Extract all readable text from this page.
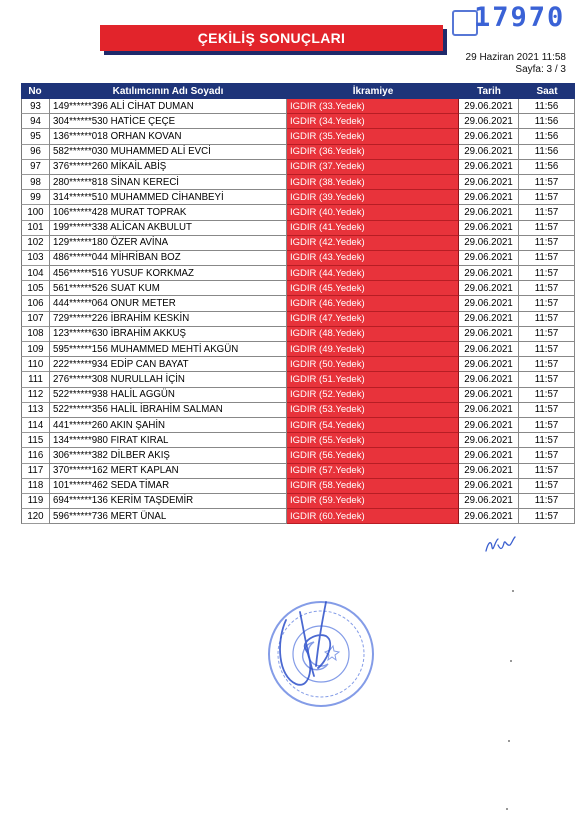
17970
ÇEKİLİŞ SONUÇLARI
29 Haziran 2021 11:58
Sayfa: 3 / 3
No	Katılımcının Adı Soyadı	İkramiye	Tarih	Saat
93	149******396 ALİ CİHAT DUMAN	IGDIR (33.Yedek)	29.06.2021	11:56
94	304******530 HATİCE ÇEÇE	IGDIR (34.Yedek)	29.06.2021	11:56
95	136******018 ORHAN KOVAN	IGDIR (35.Yedek)	29.06.2021	11:56
96	582******030 MUHAMMED ALİ EVCİ	IGDIR (36.Yedek)	29.06.2021	11:56
97	376******260 MİKAİL ABİŞ	IGDIR (37.Yedek)	29.06.2021	11:56
98	280******818 SİNAN KERECİ	IGDIR (38.Yedek)	29.06.2021	11:57
99	314******510 MUHAMMED CİHANBEYİ	IGDIR (39.Yedek)	29.06.2021	11:57
100	106******428 MURAT TOPRAK	IGDIR (40.Yedek)	29.06.2021	11:57
101	199******338 ALİCAN AKBULUT	IGDIR (41.Yedek)	29.06.2021	11:57
102	129******180 ÖZER AVİNA	IGDIR (42.Yedek)	29.06.2021	11:57
103	486******044 MİHRİBAN BOZ	IGDIR (43.Yedek)	29.06.2021	11:57
104	456******516 YUSUF KORKMAZ	IGDIR (44.Yedek)	29.06.2021	11:57
105	561******526 SUAT KUM	IGDIR (45.Yedek)	29.06.2021	11:57
106	444******064 ONUR METER	IGDIR (46.Yedek)	29.06.2021	11:57
107	729******226 İBRAHİM KESKİN	IGDIR (47.Yedek)	29.06.2021	11:57
108	123******630 İBRAHİM AKKUŞ	IGDIR (48.Yedek)	29.06.2021	11:57
109	595******156 MUHAMMED MEHTİ AKGÜN	IGDIR (49.Yedek)	29.06.2021	11:57
110	222******934 EDİP CAN BAYAT	IGDIR (50.Yedek)	29.06.2021	11:57
111	276******308 NURULLAH İÇİN	IGDIR (51.Yedek)	29.06.2021	11:57
112	522******938 HALİL AGGÜN	IGDIR (52.Yedek)	29.06.2021	11:57
113	522******356 HALİL İBRAHİM SALMAN	IGDIR (53.Yedek)	29.06.2021	11:57
114	441******260 AKIN ŞAHİN	IGDIR (54.Yedek)	29.06.2021	11:57
115	134******980 FIRAT KIRAL	IGDIR (55.Yedek)	29.06.2021	11:57
116	306******382 DİLBER AKIŞ	IGDIR (56.Yedek)	29.06.2021	11:57
117	370******162 MERT KAPLAN	IGDIR (57.Yedek)	29.06.2021	11:57
118	101******462 SEDA TİMAR	IGDIR (58.Yedek)	29.06.2021	11:57
119	694******136 KERİM TAŞDEMİR	IGDIR (59.Yedek)	29.06.2021	11:57
120	596******736 MERT ÜNAL	IGDIR (60.Yedek)	29.06.2021	11:57
